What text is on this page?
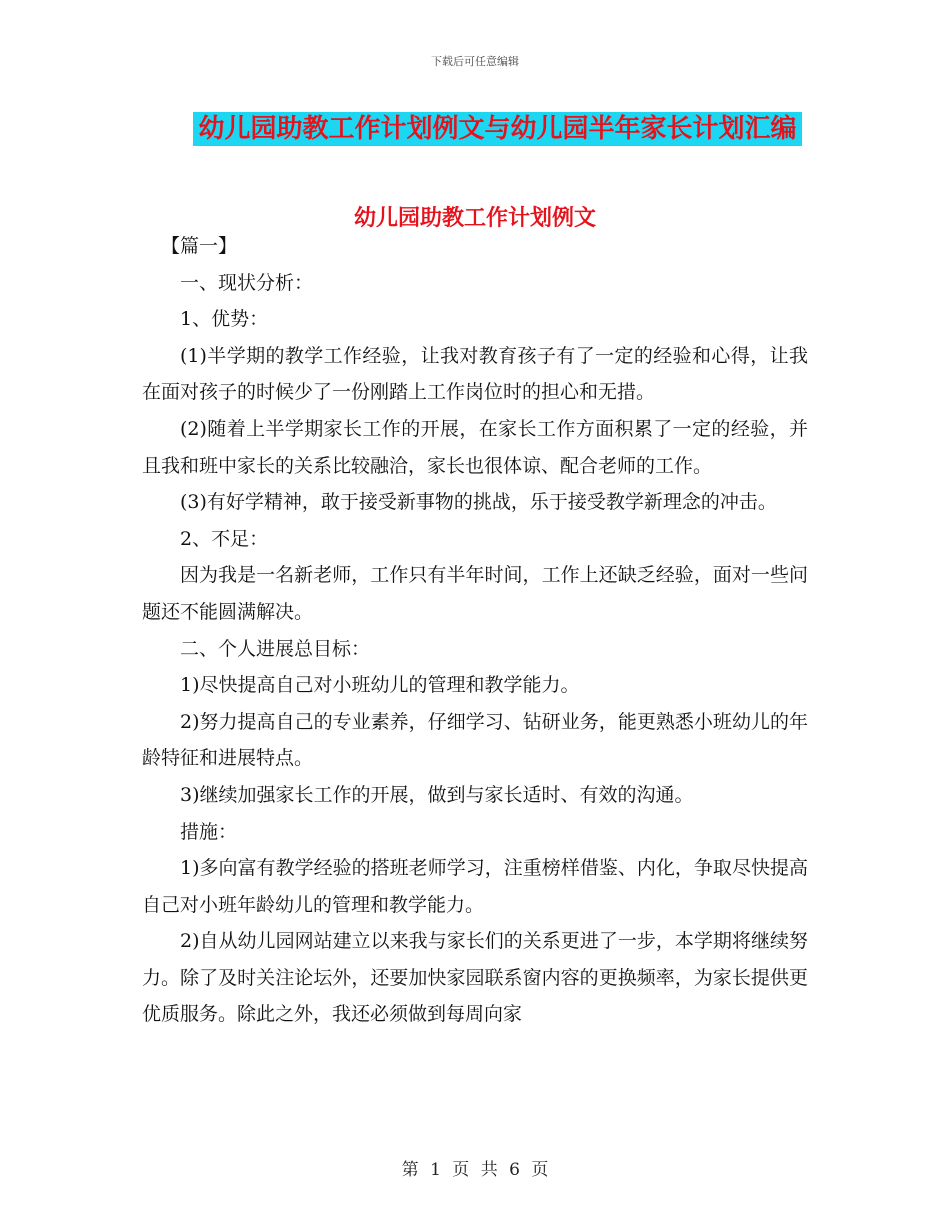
下载后可任意编辑
幼儿园助教工作计划例文与幼儿园半年家长计划汇编
幼儿园助教工作计划例文

【篇一】

一、现状分析：

1、优势：

(1)半学期的教学工作经验，让我对教育孩子有了一定的经验和心得，让我在面对孩子的时候少了一份刚踏上工作岗位时的担心和无措。

(2)随着上半学期家长工作的开展，在家长工作方面积累了一定的经验，并且我和班中家长的关系比较融洽，家长也很体谅、配合老师的工作。

(3)有好学精神，敢于接受新事物的挑战，乐于接受教学新理念的冲击。

2、不足：

因为我是一名新老师，工作只有半年时间，工作上还缺乏经验，面对一些问题还不能圆满解决。

二、个人进展总目标：

1)尽快提高自己对小班幼儿的管理和教学能力。

2)努力提高自己的专业素养，仔细学习、钻研业务，能更熟悉小班幼儿的年龄特征和进展特点。

3)继续加强家长工作的开展，做到与家长适时、有效的沟通。

措施：

1)多向富有教学经验的搭班老师学习，注重榜样借鉴、内化，争取尽快提高自己对小班年龄幼儿的管理和教学能力。

2)自从幼儿园网站建立以来我与家长们的关系更进了一步，本学期将继续努力。除了及时关注论坛外，还要加快家园联系窗内容的更换频率，为家长提供更优质服务。除此之外，我还必须做到每周向家

第 1 页 共 6 页
